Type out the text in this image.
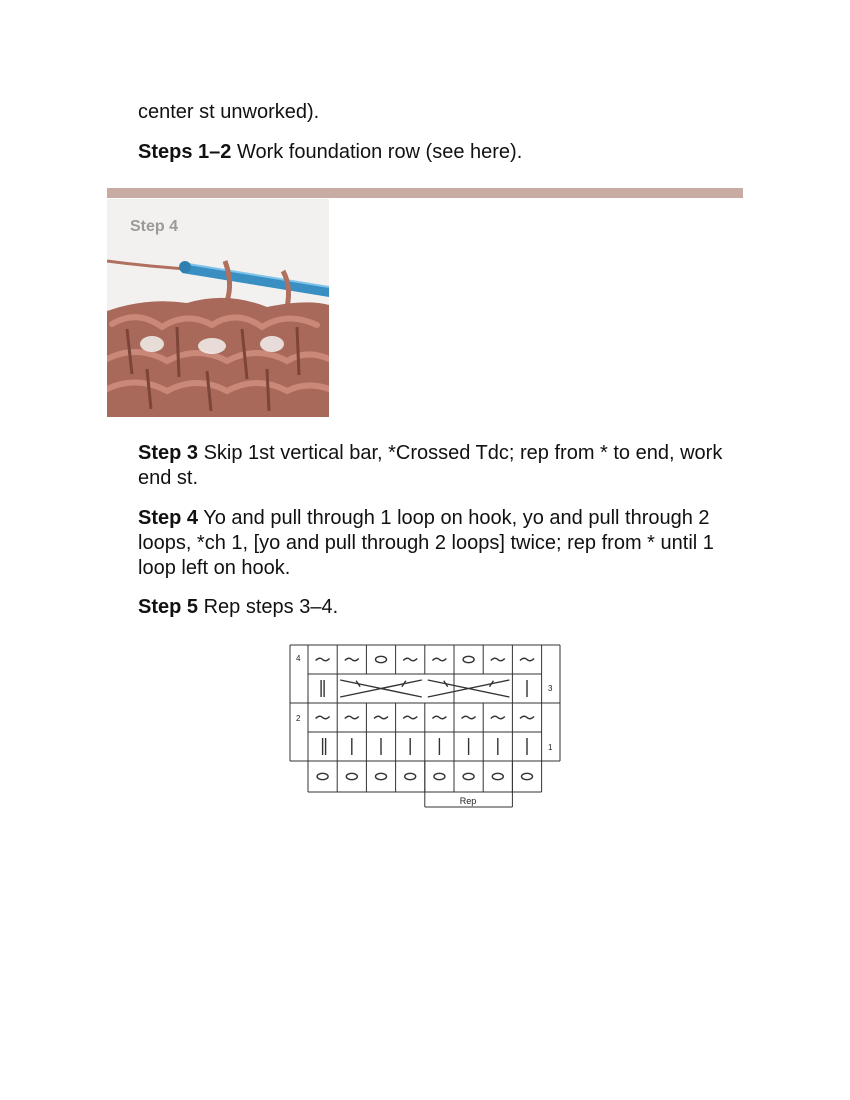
center st unworked).

Steps 1–2 Work foundation row (see here).

Step 4

Step 3 Skip 1st vertical bar, *Crossed Tdc; rep from * to end, work end st.

Step 4 Yo and pull through 1 loop on hook, yo and pull through 2 loops, *ch 1, [yo and pull through 2 loops] twice; rep from * until 1 loop left on hook.

Step 5 Rep steps 3–4.

4
3
2
1
Rep
